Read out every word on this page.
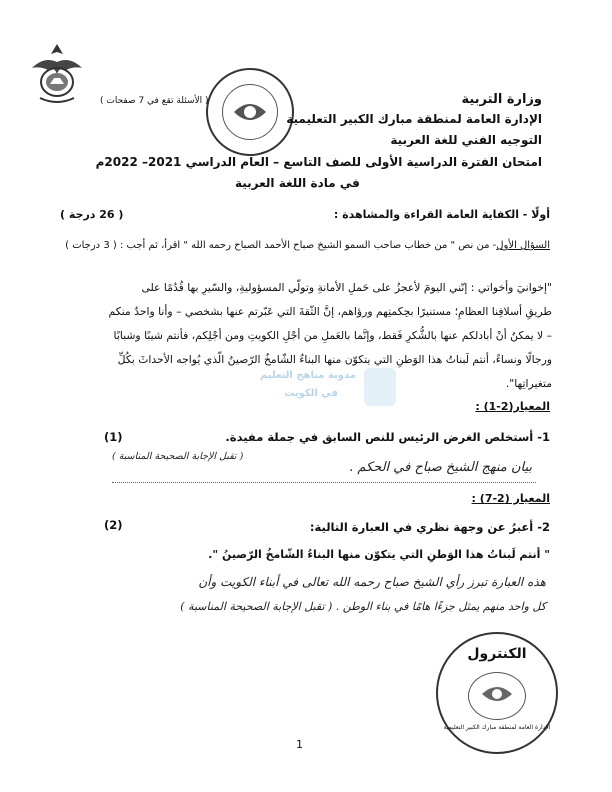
وزارة التربية
الإدارة العامة لمنطقة مبارك الكبير التعليمية
التوجيه الفني للغة العربية
( الأسئلة تقع في 7 صفحات )
امتحان الفترة الدراسية الأولى للصف التاسع – العام الدراسي 2021– 2022م
في مادة اللغة العربية
أولًا - الكفاية العامة القراءة والمشاهدة :
( 26 درجة )
السؤال الأول- من نص " من خطاب صاحب السمو الشيخ صباح الأحمد الصباح رحمه الله " اقرأ، ثم أجب : ( 3 درجات )
"إخوانيَ وأخواتي : إنّني اليومَ لأعجزُ على حَملِ الأمانةِ وتولّي المسؤوليةِ، والسّيرِ بها قُدُمًا على
طريقِ أسلافِنا العظامِ؛ مستنيرًا بحِكمتِهم ورؤاهم، إنَّ الثّقةَ التي عَبّرتم عنها بشخصي – وأنا واحدٌ منكم
– لا يمكنُ أنْ أبادلكم عنها بالشُّكرِ فَقط، وإنَّما بالعَملِ من أجْلِ الكويتِ ومن أجْلِكم، فأنتم شيبًا وشبابًا
ورجالًا ونساءً، أنتم لَبناتُ هذا الوَطنِ التي يتكوّن منها البناءُ الشّامخُ الرّصينُ الّذي يُواجه الأحداثَ بكُلِّ
متغيراتِها".
مدونة مناهج التعليم
في الكويت
المعيار(2-1) :
1- أستخلص الغرض الرئيس للنص السابق في جملة مفيدة.
(1)
بيان منهج الشيخ صباح في الحكم .
( تقبل الإجابة الصحيحة المناسبة )
المعيار (2-7) :
2- أعبرُ عن وجهة نظري في العبارة التالية:
(2)
" أنتم لَبناتُ هذا الوَطنِ التي يتكوّن منها البناءُ الشّامخُ الرّصينُ ".
هذه العبارة تبرز رأي الشيخ صباح رحمه الله تعالى في أبناء الكويت وأن
كل واحد منهم يمثل جزءًا هامًا في بناء الوطن . ( تقبل الإجابة الصحيحة المناسبة )
الكنترول
الإدارة العامة لمنطقة مبارك الكبير التعليمية
1
